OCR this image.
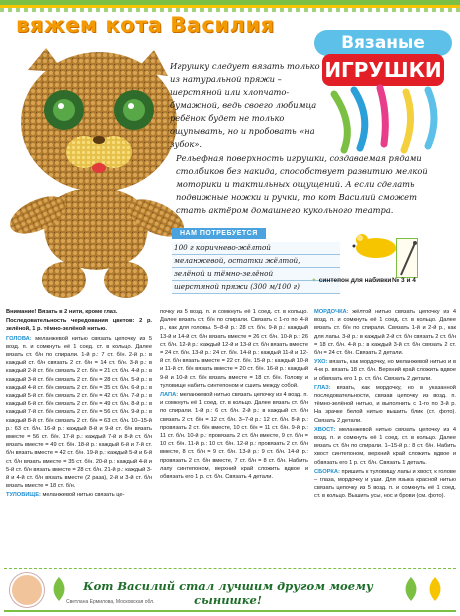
вяжем кота Василия
Вязаные
ИГРУШКИ
Игрушку следует вязать только из натуральной пряжи – шерстяной или хлопчато-бумажной, ведь своего любимца ребёнок будет не только ощупывать, но и пробовать «на зубок».
Рельефная поверхность игрушки, создаваемая рядами столбиков без накида, способствует развитию мелкой моторики и тактильных ощущений. А если сделать подвижные ножки и ручки, то кот Василий сможет стать актёром домашнего кукольного театра.
НАМ ПОТРЕБУЕТСЯ
100 г коричнево-жёлтой
меланжевой, остатки жёлтой,
зелёной и тёмно-зелёной
шерстяной пряжи (300 м/100 г)
+ синтепон для набивки № 3 и 4

Внимание! Вязать в 2 нити, кроме глаз.

Последовательность чередования цветов: 2 р. зелёной, 1 р. тёмно-зелёной нитью.

ГОЛОВА: меланжевой нитью связать цепочку из 5 возд. п. и сомкнуть её 1 соед. ст. в кольцо. Далее вязать ст. б/н по спирали. 1-й р.: 7 ст. б/н. 2-й р.: в каждый ст. б/н связать 2 ст. б/н = 14 ст. б/н. 3-й р.: в каждый 2-й ст. б/н связать 2 ст. б/н = 21 ст. б/н. 4-й р.: в каждый 3-й ст. б/н связать 2 ст. б/н = 28 ст. б/н. 5-й р.: в каждый 4-й ст. б/н связать 2 ст. б/н = 35 ст. б/н. 6-й р.: в каждый 5-й ст. б/н связать 2 ст. б/н = 42 ст. б/н. 7-й р.: в каждый 6-й ст. б/н связать 2 ст. б/н = 49 ст. б/н. 8-й р.: в каждый 7-й ст. б/н связать 2 ст. б/н = 56 ст. б/н. 9-й р.: в каждый 8-й ст. б/н связать 2 ст. б/н = 63 ст. б/н. 10–15-й р.: 63 ст. б/н. 16-й р.: каждый 8-й и 9-й ст. б/н вязать вместе = 56 ст. б/н. 17-й р.: каждый 7-й и 8-й ст. б/н вязать вместе = 49 ст. б/н. 18-й р.: каждый 6-й и 7-й ст. б/н вязать вместе = 42 ст. б/н. 19-й р.: каждый 5-й и 6-й ст. б/н вязать вместе = 35 ст. б/н. 20-й р.: каждый 4-й и 5-й ст. б/н вязать вместе = 28 ст. б/н. 21-й р.: каждый 3-й и 4-й ст. б/н вязать вместе (2 раза), 2-й и 3-й ст. б/н вязать вместе = 18 ст. б/н.

ТУЛОВИЩЕ: меланжевой нитью связать це-

почку из 5 возд. п. и сомкнуть её 1 соед. ст. в кольцо. Далее вязать ст. б/н по спирали. Связать с 1-го по 4-й р., как для головы. 5–8-й р.: 28 ст. б/н. 9-й р.: каждый 13-й и 14-й ст. б/н вязать вместе = 26 ст. б/н. 10-й р.: 26 ст. б/н. 12-й р.: каждый 12-й и 13-й ст. б/н вязать вместе = 24 ст. б/н. 13-й р.: 24 ст. б/н. 14-й р.: каждый 11-й и 12-й ст. б/н вязать вместе = 22 ст. б/н. 15-й р.: каждый 10-й и 11-й ст. б/н вязать вместе = 20 ст. б/н. 16-й р.: каждый 9-й и 10-й ст. б/н вязать вместе = 18 ст. б/н. Голову и туловище набить синтепоном и сшить между собой.

ЛАПА: меланжевой нитью связать цепочку из 4 возд. п. и сомкнуть её 1 соед. ст. в кольцо. Далее вязать ст. б/н по спирали. 1-й р.: 6 ст. б/н. 2-й р.: в каждый ст. б/н связать 2 ст. б/н = 12 ст. б/н. 3–7-й р.: 12 ст. б/н. 8-й р.: провязать 2 ст. б/н вместе, 10 ст. б/н = 11 ст. б/н. 9-й р.: 11 ст. б/н. 10-й р.: провязать 2 ст. б/н вместе, 9 ст. б/н = 10 ст. б/н. 11-й р.: 10 ст. б/н. 12-й р.: провязать 2 ст. б/н вместе, 8 ст. б/н = 9 ст. б/н. 13-й р.: 9 ст. б/н. 14-й р.: провязать 2 ст. б/н вместе, 7 ст. б/н = 8 ст. б/н. Набить лапу синтепоном, верхний край сложить вдвое и обвязать его 1 р. ст. б/н. Связать 4 детали.

МОРДОЧКА: жёлтой нитью связать цепочку из 4 возд. п. и сомкнуть её 1 соед. ст. в кольцо. Далее вязать ст. б/н по спирали. Связать 1-й и 2-й р., как для лапы. 3-й р.: в каждый 2-й ст. б/н связать 2 ст. б/н = 18 ст. б/н. 4-й р.: в каждый 3-й ст. б/н связать 2 ст. б/н = 24 ст. б/н. Связать 2 детали.

УХО: вязать, как мордочку, но меланжевой нитью и в 4-м р. вязать 18 ст. б/н. Верхний край сложить вдвое и обвязать его 1 р. ст. б/н. Связать 2 детали.

ГЛАЗ: вязать, как мордочку, но в указанной последовательности, связав цепочку из возд. п. тёмно-зелёной нитью, и выполнить с 1-го по 3-й р. На зрачке белой нитью вышить блик (ст. фото). Связать 2 детали.

ХВОСТ: меланжевой нитью связать цепочку из 4 возд. п. и сомкнуть её 1 соед. ст. в кольцо. Далее вязать ст. б/н по спирали. 1–15-й р.: 8 ст. б/н. Набить хвост синтепоном, верхний край сложить вдвое и обвязать его 1 р. ст. б/н. Связать 1 деталь.

СБОРКА: пришить к туловищу лапы и хвост, к голове – глаза, мордочку и уши. Для языка красной нитью связать цепочку из 5 возд. п. и сомкнуть её 1 соед. ст. в кольцо. Вышить усы, нос и брови (см. фото).

Кот Василий стал лучшим другом моему сынишке!
Светлана Ермилова, Московская обл.
